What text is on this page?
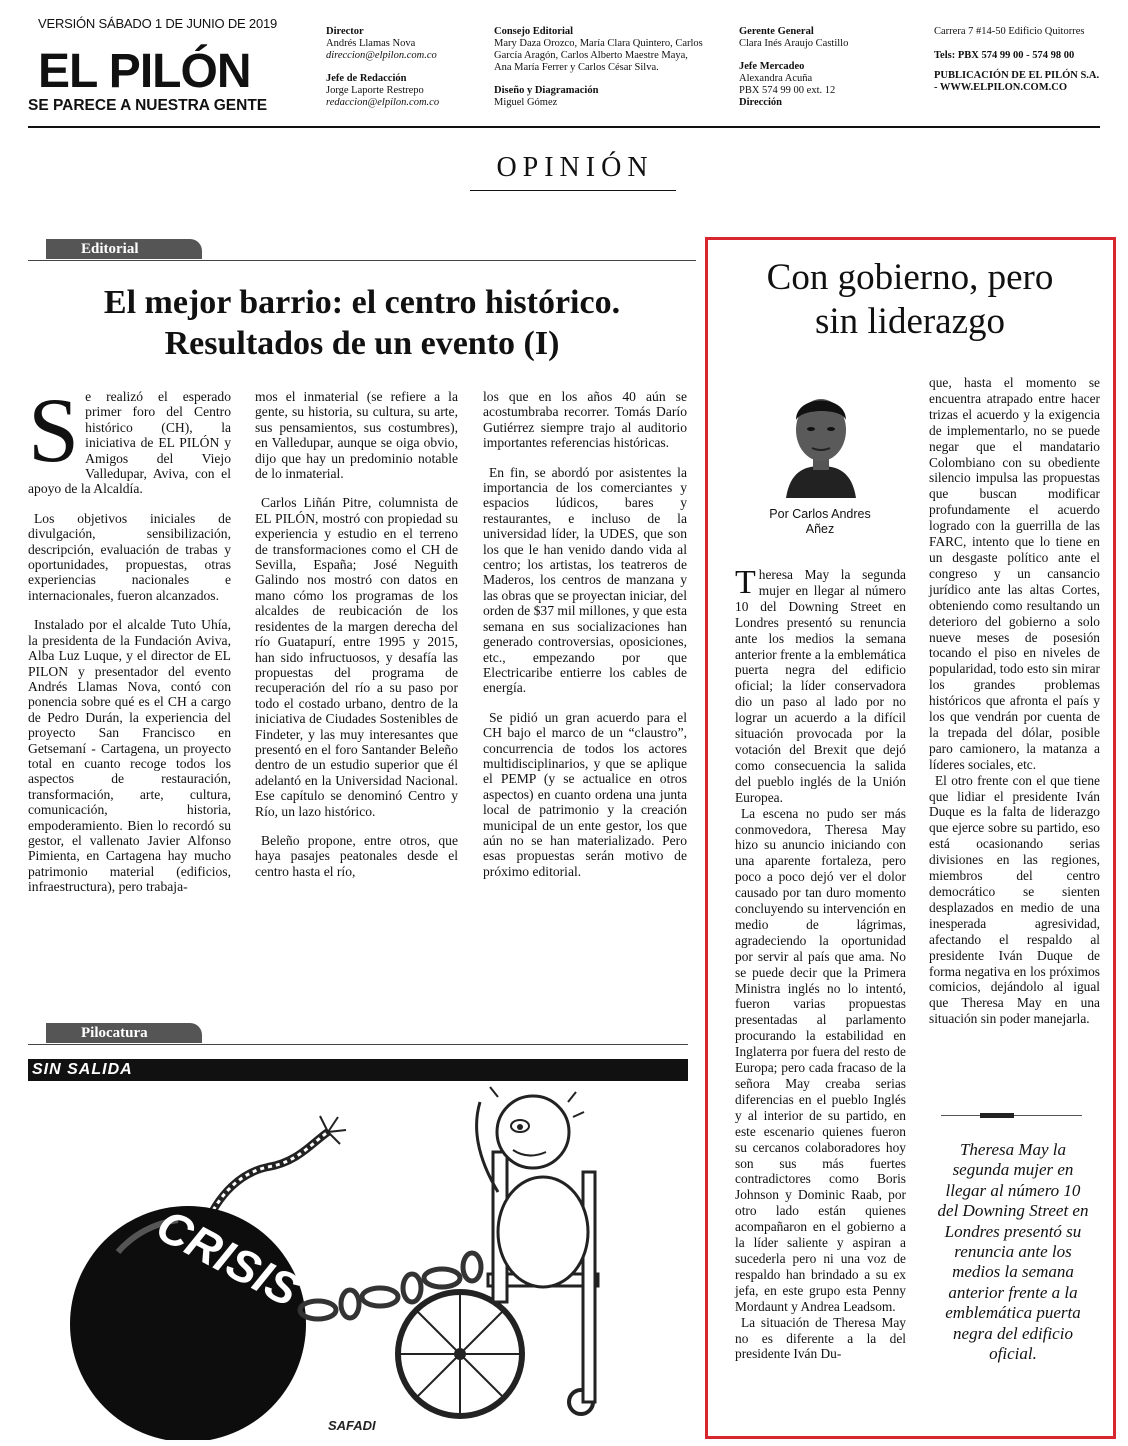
VERSIÓN SÁBADO 1 DE JUNIO DE 2019
EL PILÓN
SE PARECE A NUESTRA GENTE
Director
Andrés Llamas Nova
direccion@elpilon.com.co
Jefe de Redacción
Jorge Laporte Restrepo
redaccion@elpilon.com.co
Consejo Editorial
Mary Daza Orozco, María Clara Quintero, Carlos García Aragón, Carlos Alberto Maestre Maya, Ana María Ferrer y Carlos César Silva.
Diseño y Diagramación
Miguel Gómez
Gerente General
Clara Inés Araujo Castillo
Jefe Mercadeo
Alexandra Acuña
PBX 574 99 00 ext. 12
Dirección
Carrera 7 #14-50 Edificio Quitorres
Tels: PBX 574 99 00 - 574 98 00
PUBLICACIÓN DE EL PILÓN S.A. - WWW.ELPILON.COM.CO
OPINIÓN
Editorial
El mejor barrio: el centro histórico.
Resultados de un evento (I)

Se realizó el esperado primer foro del Centro histórico (CH), la iniciativa de EL PILÓN y Amigos del Viejo Valledupar, Aviva, con el apoyo de la Alcaldía.

Los objetivos iniciales de divulgación, sensibilización, descripción, evaluación de trabas y oportunidades, propuestas, otras experiencias nacionales e internacionales, fueron alcanzados.

Instalado por el alcalde Tuto Uhía, la presidenta de la Fundación Aviva, Alba Luz Luque, y el director de EL PILON y presentador del evento Andrés Llamas Nova, contó con ponencia sobre qué es el CH a cargo de Pedro Durán, la experiencia del proyecto San Francisco en Getsemaní - Cartagena, un proyecto total en cuanto recoge todos los aspectos de restauración, transformación, arte, cultura, comunicación, historia, empoderamiento. Bien lo recordó su gestor, el vallenato Javier Alfonso Pimienta, en Cartagena hay mucho patrimonio material (edificios, infraestructura), pero trabaja-

mos el inmaterial (se refiere a la gente, su historia, su cultura, su arte, sus pensamientos, sus costumbres), en Valledupar, aunque se oiga obvio, dijo que hay un predominio notable de lo inmaterial.

Carlos Liñán Pitre, columnista de EL PILÓN, mostró con propiedad su experiencia y estudio en el terreno de transformaciones como el CH de Sevilla, España; José Neguith Galindo nos mostró con datos en mano cómo los programas de los alcaldes de reubicación de los residentes de la margen derecha del río Guatapurí, entre 1995 y 2015, han sido infructuosos, y desafía las propuestas del programa de recuperación del río a su paso por todo el costado urbano, dentro de la iniciativa de Ciudades Sostenibles de Findeter, y las muy interesantes que presentó en el foro Santander Beleño dentro de un estudio superior que él adelantó en la Universidad Nacional. Ese capítulo se denominó Centro y Río, un lazo histórico.

Beleño propone, entre otros, que haya pasajes peatonales desde el centro hasta el río,

los que en los años 40 aún se acostumbraba recorrer. Tomás Darío Gutiérrez siempre trajo al auditorio importantes referencias históricas.

En fin, se abordó por asistentes la importancia de los comerciantes y espacios lúdicos, bares y restaurantes, e incluso de la universidad líder, la UDES, que son los que le han venido dando vida al centro; los artistas, los teatreros de Maderos, los centros de manzana y las obras que se proyectan iniciar, del orden de $37 mil millones, y que esta semana en sus socializaciones han generado controversias, oposiciones, etc., empezando por que Electricaribe entierre los cables de energía.

Se pidió un gran acuerdo para el CH bajo el marco de un “claustro”, concurrencia de todos los actores multidisciplinarios, y que se aplique el PEMP (y se actualice en otros aspectos) en cuanto ordena una junta local de patrimonio y la creación municipal de un ente gestor, los que aún no se han materializado. Pero esas propuestas serán motivo de próximo editorial.

Pilocatura
SIN SALIDA
CRISIS
SAFADI
Con gobierno, pero
sin liderazgo
Por Carlos Andres Añez

Theresa May la segunda mujer en llegar al número 10 del Downing Street en Londres presentó su renuncia ante los medios la semana anterior frente a la emblemática puerta negra del edificio oficial; la líder conservadora dio un paso al lado por no lograr un acuerdo a la difícil situación provocada por la votación del Brexit que dejó como consecuencia la salida del pueblo inglés de la Unión Europea.

La escena no pudo ser más conmovedora, Theresa May hizo su anuncio iniciando con una aparente fortaleza, pero poco a poco dejó ver el dolor causado por tan duro momento concluyendo su intervención en medio de lágrimas, agradeciendo la oportunidad por servir al país que ama. No se puede decir que la Primera Ministra inglés no lo intentó, fueron varias propuestas presentadas al parlamento procurando la estabilidad en Inglaterra por fuera del resto de Europa; pero cada fracaso de la señora May creaba serias diferencias en el pueblo Inglés y al interior de su partido, en este escenario quienes fueron su cercanos colaboradores hoy son sus más fuertes contradictores como Boris Johnson y Dominic Raab, por otro lado están quienes acompañaron en el gobierno a la líder saliente y aspiran a sucederla pero ni una voz de respaldo han brindado a su ex jefa, en este grupo esta Penny Mordaunt y Andrea Leadsom.

La situación de Theresa May no es diferente a la del presidente Iván Du-

que, hasta el momento se encuentra atrapado entre hacer trizas el acuerdo y la exigencia de implementarlo, no se puede negar que el mandatario Colombiano con su obediente silencio impulsa las propuestas que buscan modificar profundamente el acuerdo logrado con la guerrilla de las FARC, intento que lo tiene en un desgaste político ante el congreso y un cansancio jurídico ante las altas Cortes, obteniendo como resultando un deterioro del gobierno a solo nueve meses de posesión tocando el piso en niveles de popularidad, todo esto sin mirar los grandes problemas históricos que afronta el país y los que vendrán por cuenta de la trepada del dólar, posible paro camionero, la matanza a líderes sociales, etc.

El otro frente con el que tiene que lidiar el presidente Iván Duque es la falta de liderazgo que ejerce sobre su partido, eso está ocasionando serias divisiones en las regiones, miembros del centro democrático se sienten desplazados en medio de una inesperada agresividad, afectando el respaldo al presidente Iván Duque de forma negativa en los próximos comicios, dejándolo al igual que Theresa May en una situación sin poder manejarla.

Theresa May la segunda mujer en llegar al número 10 del Downing Street en Londres presentó su renuncia ante los medios la semana anterior frente a la emblemática puerta negra del edificio oficial.
